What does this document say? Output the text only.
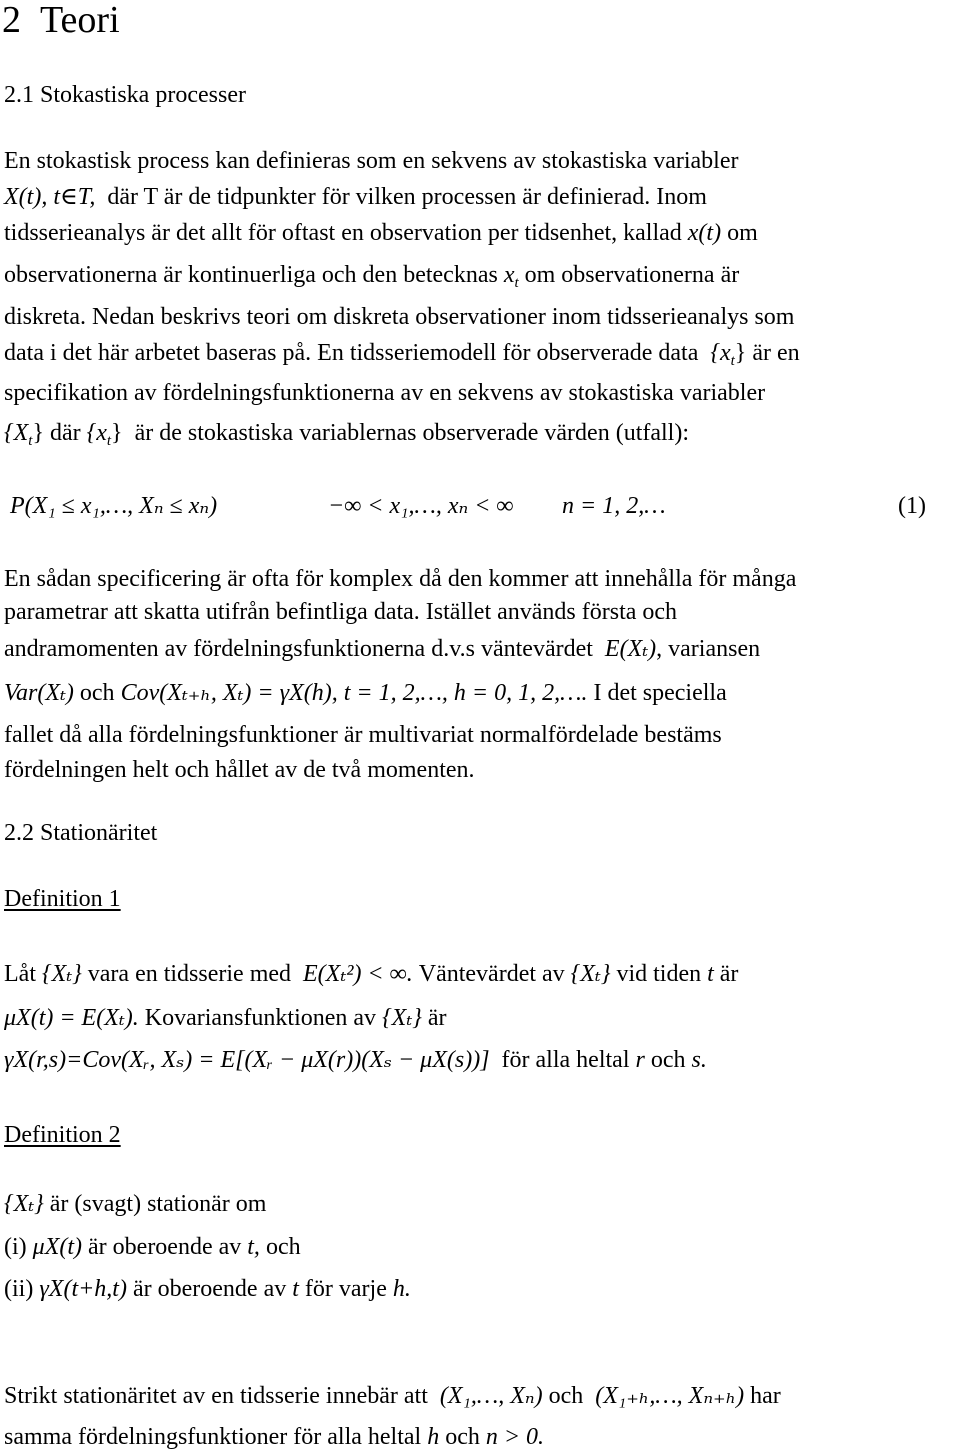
2 Teori
2.1 Stokastiska processer
En stokastisk process kan definieras som en sekvens av stokastiska variabler
X(t), t∈T, där T är de tidpunkter för vilken processen är definierad. Inom
tidsserieanalys är det allt för oftast en observation per tidsenhet, kallad x(t) om
observationerna är kontinuerliga och den betecknas $x_t$ om observationerna är
diskreta. Nedan beskrivs teori om diskreta observationer inom tidsserieanalys som
data i det här arbetet baseras på. En tidsseriemodell för observerade data $\{x_t\}$ är en
specifikation av fördelningsfunktionerna av en sekvens av stokastiska variabler
$\{X_t\}$ där $\{x_t\}$ är de stokastiska variablernas observerade värden (utfall):
P(X₁ ≤ x₁,…, Xₙ ≤ xₙ)	−∞ < x₁,…, xₙ < ∞ n = 1, 2,…	(1)
En sådan specificering är ofta för komplex då den kommer att innehålla för många
parametrar att skatta utifrån befintliga data. Istället används första och
andramomenten av fördelningsfunktionerna d.v.s väntevärdet E(Xₜ), variansen
Var(Xₜ) och Cov(Xₜ₊ₕ, Xₜ) = γX(h), t = 1, 2,…, h = 0, 1, 2,…. I det speciella
fallet då alla fördelningsfunktioner är multivariat normalfördelade bestäms
fördelningen helt och hållet av de två momenten.
2.2 Stationäritet
Definition 1
Låt {Xₜ} vara en tidsserie med E(Xₜ²) < ∞. Väntevärdet av {Xₜ} vid tiden t är
μX(t) = E(Xₜ). Kovariansfunktionen av {Xₜ} är
γX(r,s)=Cov(Xᵣ, Xₛ) = E[(Xᵣ − μX(r))(Xₛ − μX(s))] för alla heltal r och s.
Definition 2
{Xₜ} är (svagt) stationär om
(i) μX(t) är oberoende av t, och
(ii) γX(t+h,t) är oberoende av t för varje h.
Strikt stationäritet av en tidsserie innebär att (X₁,…, Xₙ) och (X₁₊ₕ,…, Xₙ₊ₕ) har
samma fördelningsfunktioner för alla heltal h och n > 0.
